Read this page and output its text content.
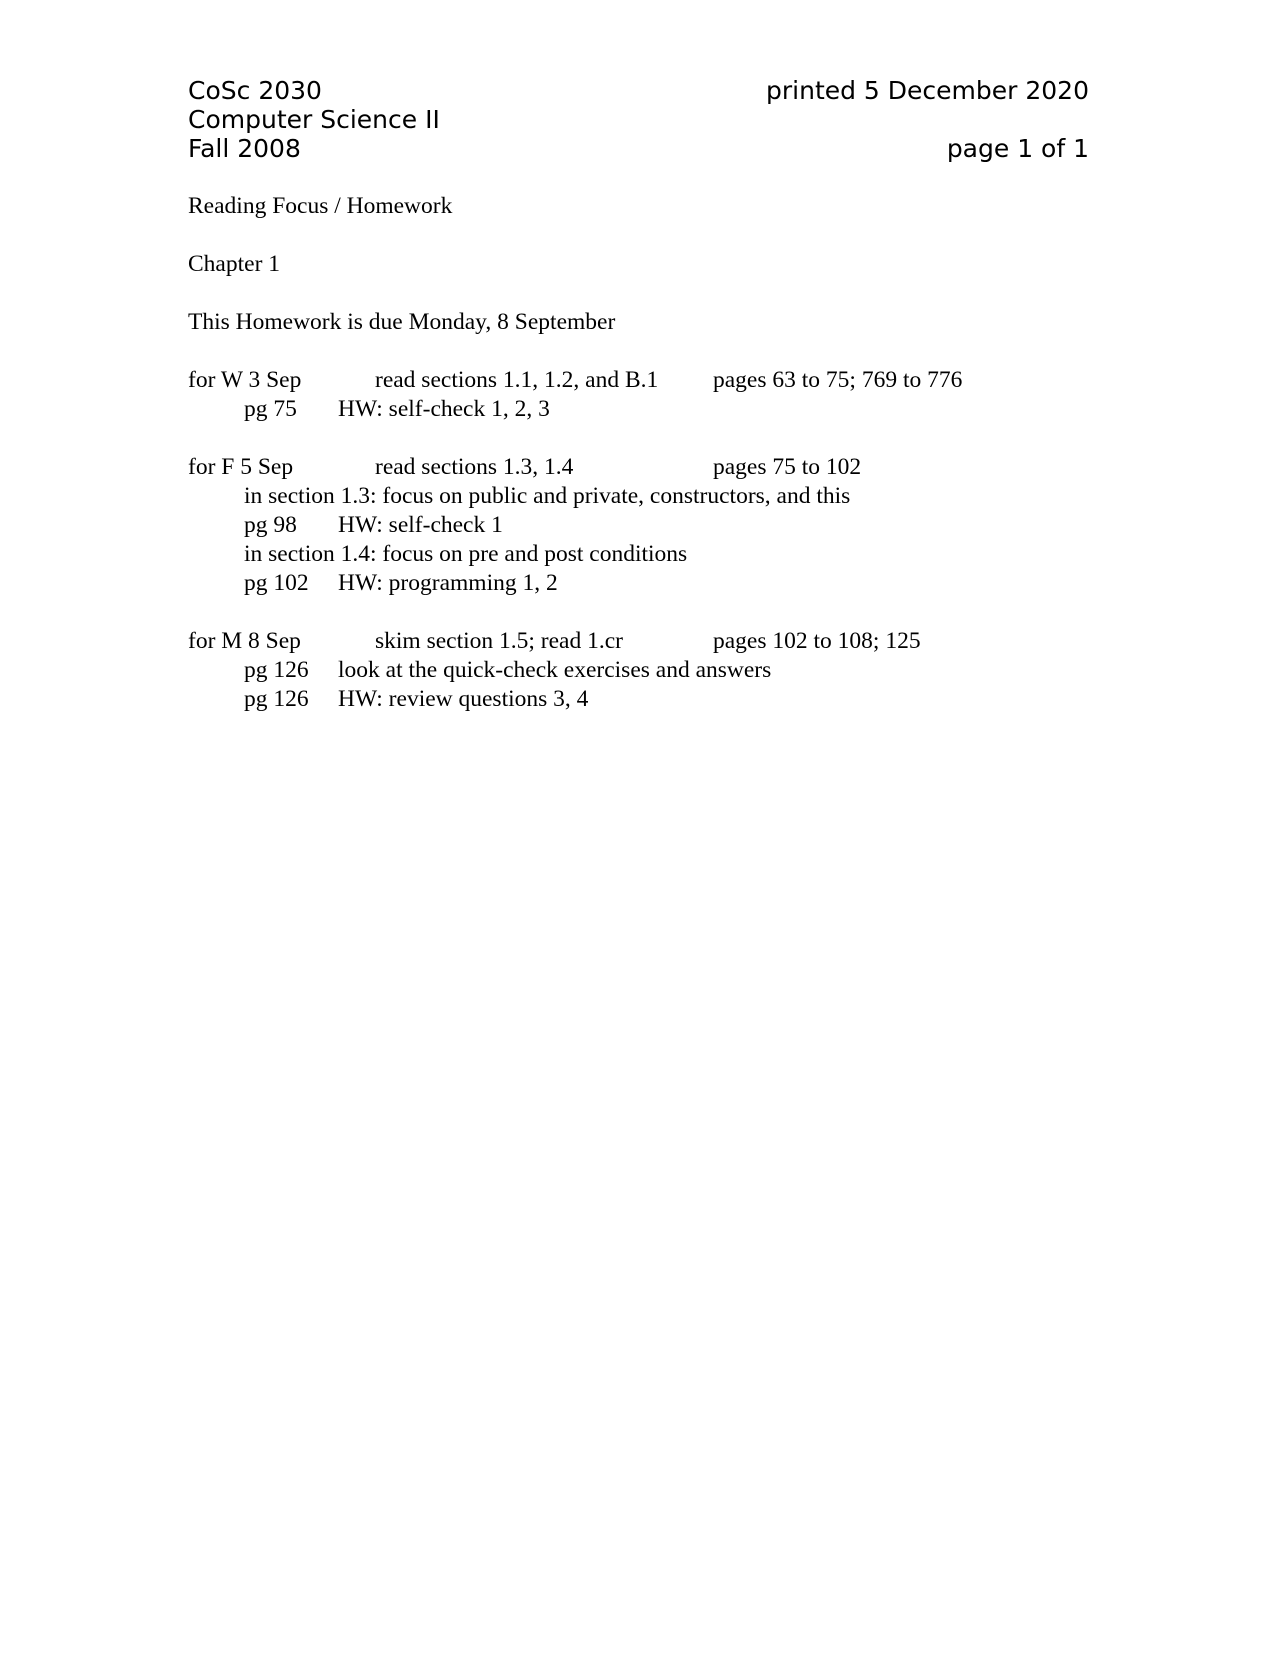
CoSc 2030
Computer Science II
Fall 2008
printed 5 December 2020
page 1 of 1
Reading Focus / Homework
Chapter 1
This Homework is due Monday, 8 September
for W 3 Sep	read sections 1.1, 1.2, and B.1 pages 63 to 75; 769 to 776
pg 75 HW: self-check 1, 2, 3
for F 5 Sep	read sections 1.3, 1.4	pages 75 to 102
in section 1.3: focus on public and private, constructors, and this
pg 98 HW: self-check 1
in section 1.4: focus on pre and post conditions
pg 102 HW: programming 1, 2
for M 8 Sep	skim section 1.5; read 1.cr	pages 102 to 108; 125
pg 126 look at the quick-check exercises and answers
pg 126 HW: review questions 3, 4
